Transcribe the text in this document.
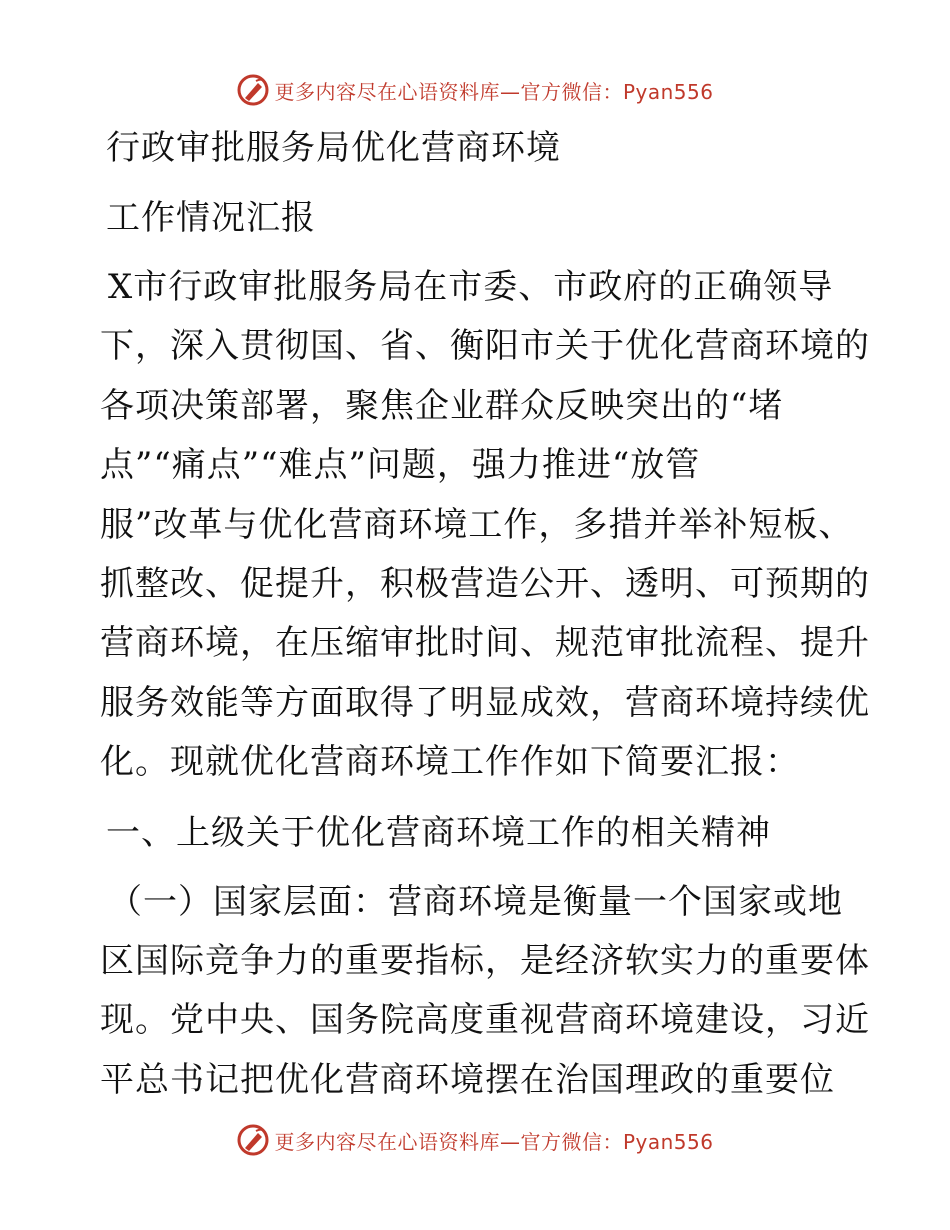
更多内容尽在心语资料库—官方微信：Pyan556
行政审批服务局优化营商环境
工作情况汇报
X市行政审批服务局在市委、市政府的正确领导
下，深入贯彻国、省、衡阳市关于优化营商环境的
各项决策部署，聚焦企业群众反映突出的“堵
点”“痛点”“难点”问题，强力推进“放管
服”改革与优化营商环境工作，多措并举补短板、
抓整改、促提升，积极营造公开、透明、可预期的
营商环境，在压缩审批时间、规范审批流程、提升
服务效能等方面取得了明显成效，营商环境持续优
化。现就优化营商环境工作作如下简要汇报：
一、上级关于优化营商环境工作的相关精神
（一）国家层面：营商环境是衡量一个国家或地
区国际竞争力的重要指标，是经济软实力的重要体
现。党中央、国务院高度重视营商环境建设，习近
平总书记把优化营商环境摆在治国理政的重要位
更多内容尽在心语资料库—官方微信：Pyan556
